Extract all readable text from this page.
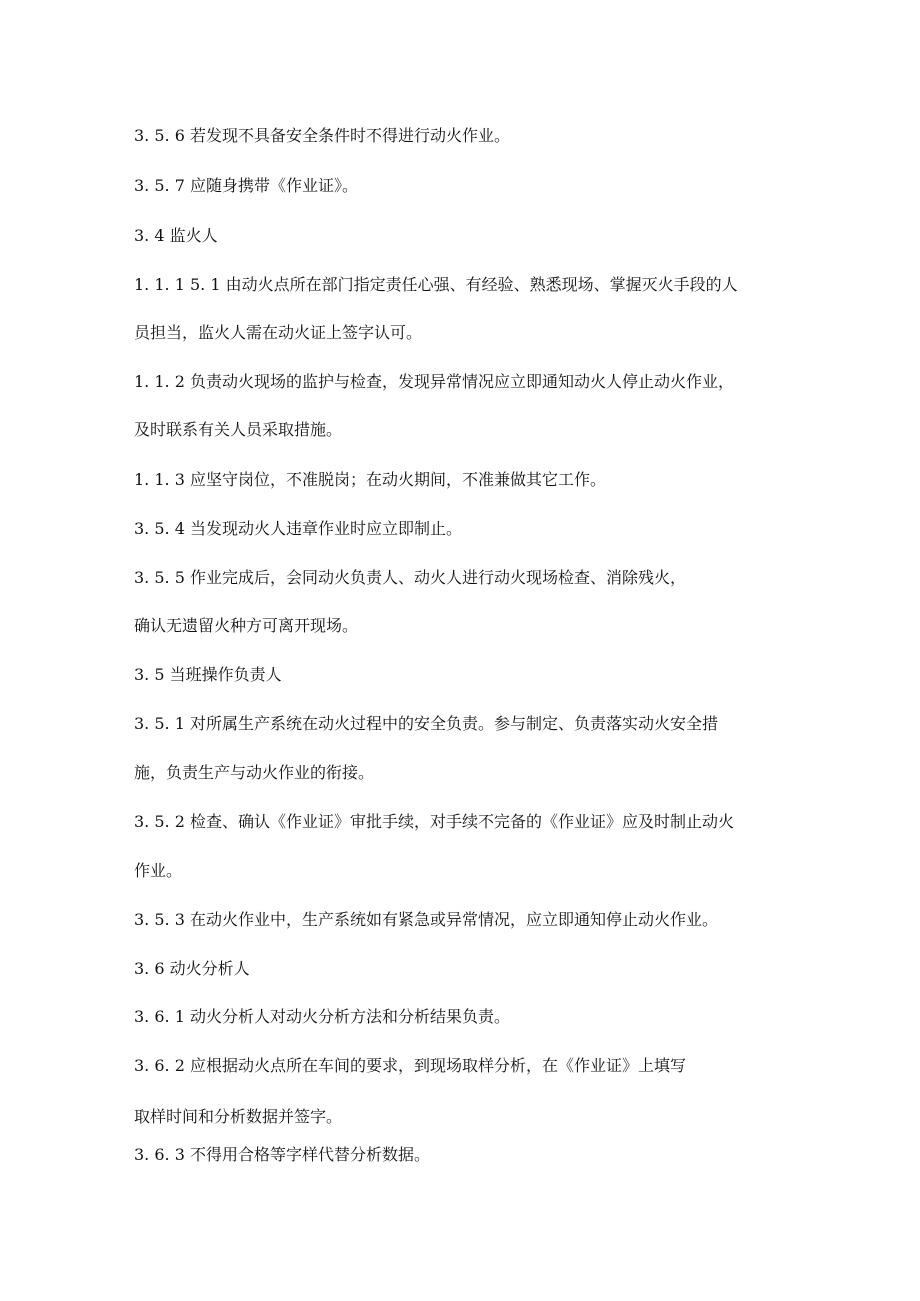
3. 5. 6 若发现不具备安全条件时不得进行动火作业。
3. 5. 7 应随身携带《作业证》。
3. 4 监火人
1. 1. 1 5. 1 由动火点所在部门指定责任心强、有经验、熟悉现场、掌握灭火手段的人
员担当，监火人需在动火证上签字认可。
1. 1. 2 负责动火现场的监护与检查，发现异常情况应立即通知动火人停止动火作业，
及时联系有关人员采取措施。
1. 1. 3 应坚守岗位，不准脱岗；在动火期间，不准兼做其它工作。
3. 5. 4 当发现动火人违章作业时应立即制止。
3. 5. 5 作业完成后，会同动火负责人、动火人进行动火现场检查、消除残火，
确认无遗留火种方可离开现场。
3. 5 当班操作负责人
3. 5. 1 对所属生产系统在动火过程中的安全负责。参与制定、负责落实动火安全措
施，负责生产与动火作业的衔接。
3. 5. 2 检查、确认《作业证》审批手续，对手续不完备的《作业证》应及时制止动火
作业。
3. 5. 3 在动火作业中，生产系统如有紧急或异常情况，应立即通知停止动火作业。
3. 6 动火分析人
3. 6. 1 动火分析人对动火分析方法和分析结果负责。
3. 6. 2 应根据动火点所在车间的要求，到现场取样分析，在《作业证》上填写
取样时间和分析数据并签字。
3. 6. 3 不得用合格等字样代替分析数据。
